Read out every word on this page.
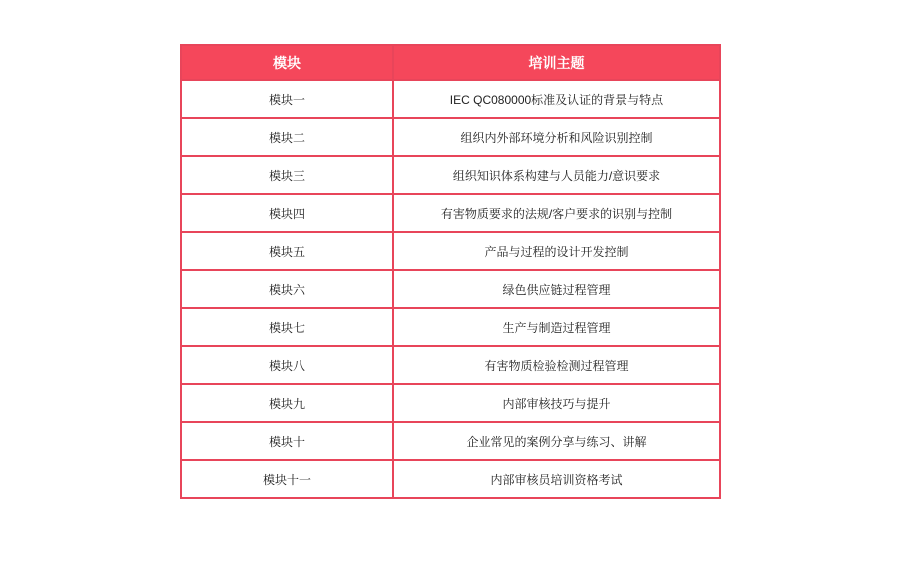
模块	培训主题
模块一	IEC QC080000标准及认证的背景与特点
模块二	组织内外部环境分析和风险识别控制
模块三	组织知识体系构建与人员能力/意识要求
模块四	有害物质要求的法规/客户要求的识别与控制
模块五	产品与过程的设计开发控制
模块六	绿色供应链过程管理
模块七	生产与制造过程管理
模块八	有害物质检验检测过程管理
模块九	内部审核技巧与提升
模块十	企业常见的案例分享与练习、讲解
模块十一	内部审核员培训资格考试
